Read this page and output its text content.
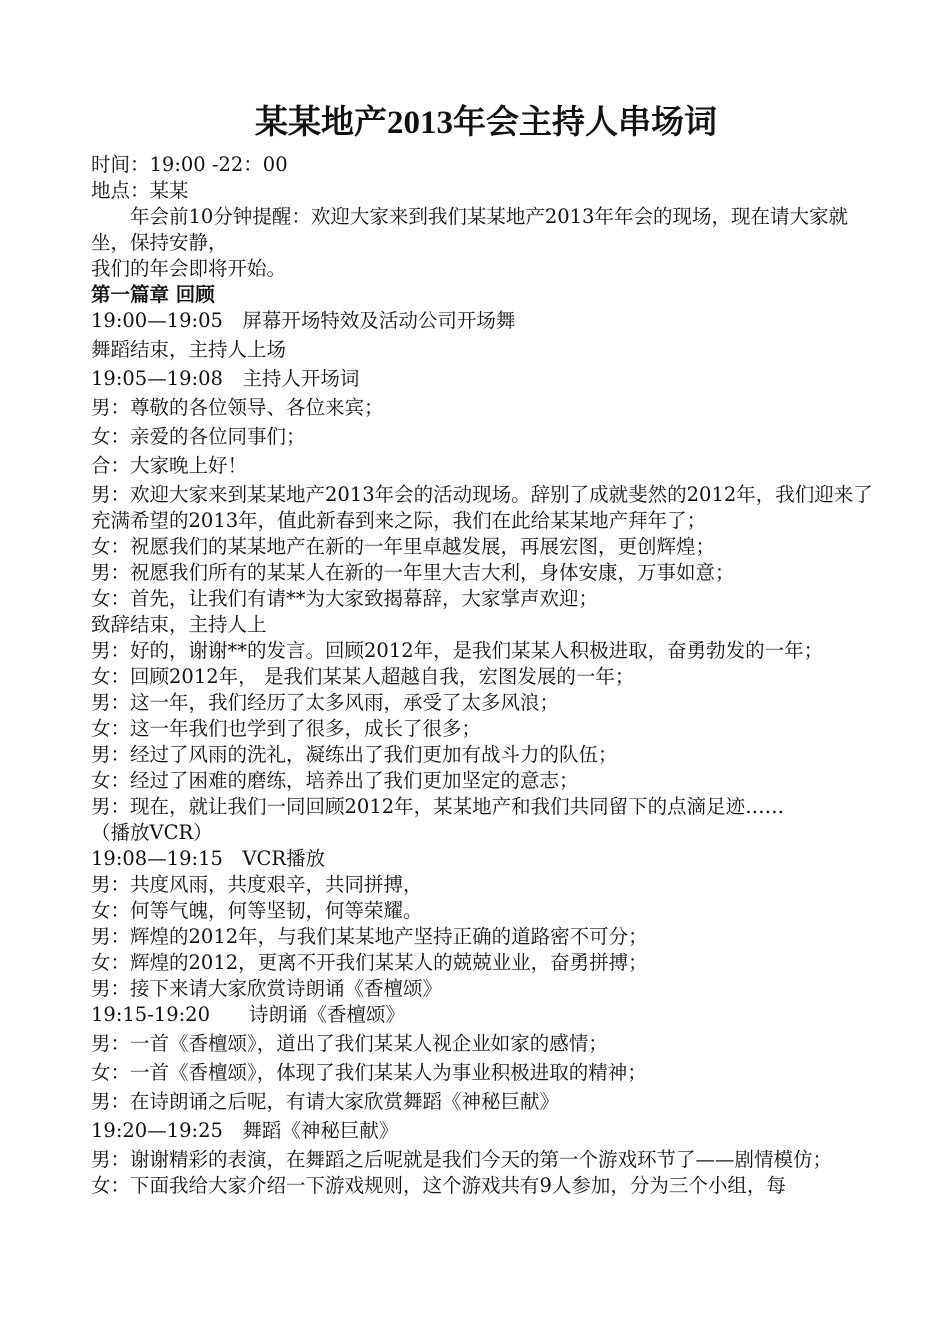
某某地产2013年会主持人串场词
时间：19:00 -22：00
地点：某某
年会前10分钟提醒：欢迎大家来到我们某某地产2013年年会的现场，现在请大家就坐，保持安静，
我们的年会即将开始。
第一篇章 回顾
19:00—19:05　屏幕开场特效及活动公司开场舞
舞蹈结束，主持人上场
19:05—19:08　主持人开场词
男：尊敬的各位领导、各位来宾；
女：亲爱的各位同事们；
合：大家晚上好！
男：欢迎大家来到某某地产2013年会的活动现场。辞别了成就斐然的2012年，我们迎来了充满希望的2013年，值此新春到来之际，我们在此给某某地产拜年了；
女：祝愿我们的某某地产在新的一年里卓越发展，再展宏图，更创辉煌；
男：祝愿我们所有的某某人在新的一年里大吉大利，身体安康，万事如意；
女：首先，让我们有请**为大家致揭幕辞，大家掌声欢迎；
致辞结束，主持人上
男：好的，谢谢**的发言。回顾2012年，是我们某某人积极进取，奋勇勃发的一年；
女：回顾2012年， 是我们某某人超越自我，宏图发展的一年；
男：这一年，我们经历了太多风雨，承受了太多风浪；
女：这一年我们也学到了很多，成长了很多；
男：经过了风雨的洗礼，凝练出了我们更加有战斗力的队伍；
女：经过了困难的磨练，培养出了我们更加坚定的意志；
男：现在，就让我们一同回顾2012年，某某地产和我们共同留下的点滴足迹……
（播放VCR）
19:08—19:15　VCR播放
男：共度风雨，共度艰辛，共同拼搏，
女：何等气魄，何等坚韧，何等荣耀。
男：辉煌的2012年，与我们某某地产坚持正确的道路密不可分；
女：辉煌的2012，更离不开我们某某人的兢兢业业，奋勇拼搏；
男：接下来请大家欣赏诗朗诵《香檀颂》
19:15-19:20　　诗朗诵《香檀颂》
男：一首《香檀颂》，道出了我们某某人视企业如家的感情；
女：一首《香檀颂》，体现了我们某某人为事业积极进取的精神；
男：在诗朗诵之后呢，有请大家欣赏舞蹈《神秘巨献》
19:20—19:25　舞蹈《神秘巨献》
男：谢谢精彩的表演，在舞蹈之后呢就是我们今天的第一个游戏环节了——剧情模仿；
女：下面我给大家介绍一下游戏规则，这个游戏共有9人参加，分为三个小组，每
